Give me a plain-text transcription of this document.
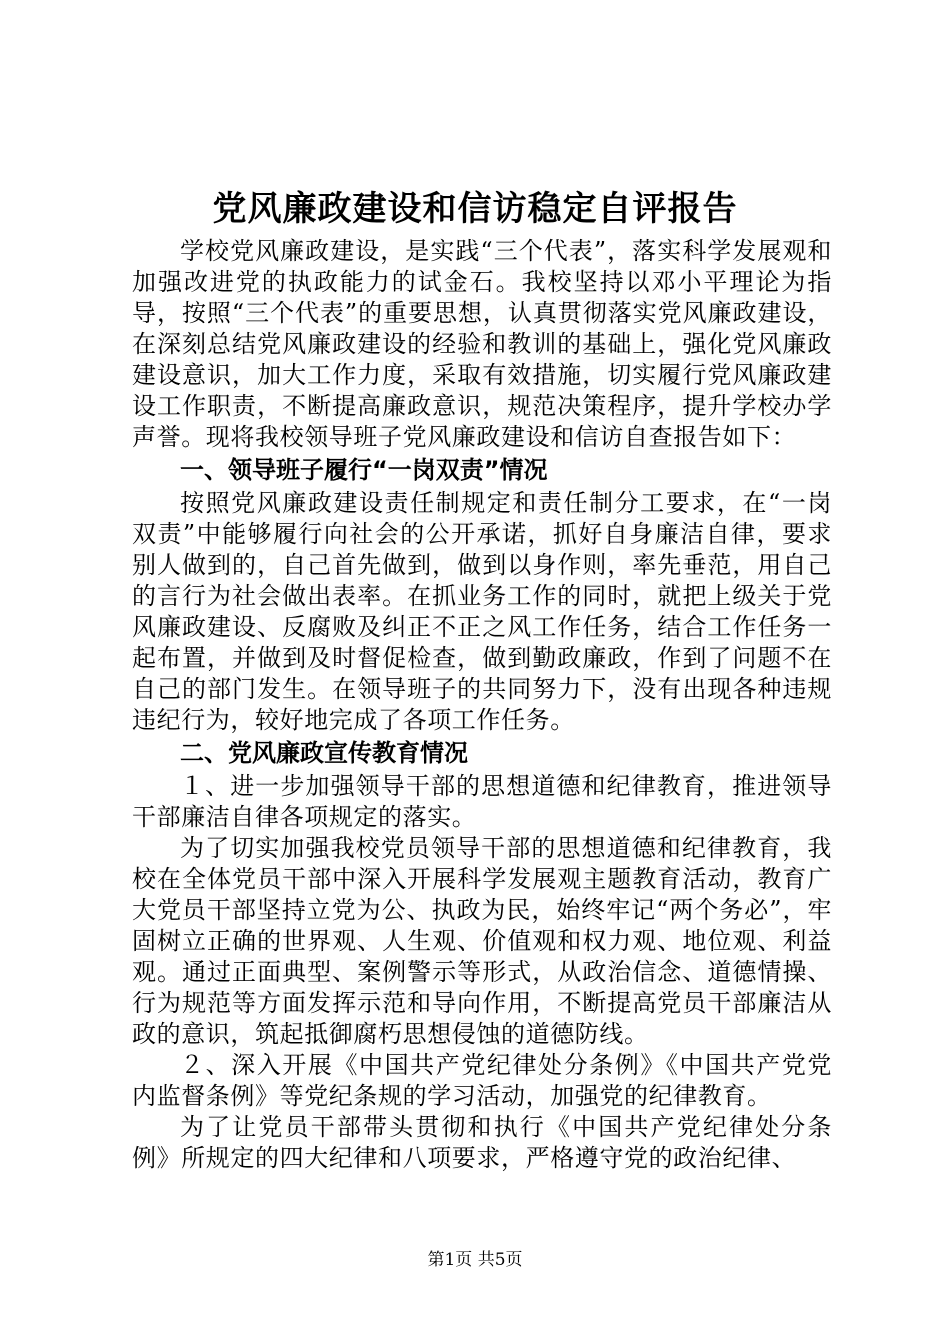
党风廉政建设和信访稳定自评报告

学校党风廉政建设，是实践“三个代表”，落实科学发展观和加强改进党的执政能力的试金石。我校坚持以邓小平理论为指导，按照“三个代表”的重要思想，认真贯彻落实党风廉政建设，在深刻总结党风廉政建设的经验和教训的基础上，强化党风廉政建设意识，加大工作力度，采取有效措施，切实履行党风廉政建设工作职责，不断提高廉政意识，规范决策程序，提升学校办学声誉。现将我校领导班子党风廉政建设和信访自查报告如下：

一、领导班子履行“一岗双责”情况

按照党风廉政建设责任制规定和责任制分工要求，在“一岗双责”中能够履行向社会的公开承诺，抓好自身廉洁自律，要求别人做到的，自己首先做到，做到以身作则，率先垂范，用自己的言行为社会做出表率。在抓业务工作的同时，就把上级关于党风廉政建设、反腐败及纠正不正之风工作任务，结合工作任务一起布置，并做到及时督促检查，做到勤政廉政，作到了问题不在自己的部门发生。在领导班子的共同努力下，没有出现各种违规违纪行为，较好地完成了各项工作任务。

二、党风廉政宣传教育情况

１、进一步加强领导干部的思想道德和纪律教育，推进领导干部廉洁自律各项规定的落实。

为了切实加强我校党员领导干部的思想道德和纪律教育，我校在全体党员干部中深入开展科学发展观主题教育活动，教育广大党员干部坚持立党为公、执政为民，始终牢记“两个务必”，牢固树立正确的世界观、人生观、价值观和权力观、地位观、利益观。通过正面典型、案例警示等形式，从政治信念、道德情操、行为规范等方面发挥示范和导向作用，不断提高党员干部廉洁从政的意识，筑起抵御腐朽思想侵蚀的道德防线。

２、深入开展《中国共产党纪律处分条例》《中国共产党党内监督条例》等党纪条规的学习活动，加强党的纪律教育。

为了让党员干部带头贯彻和执行《中国共产党纪律处分条例》所规定的四大纪律和八项要求，严格遵守党的政治纪律、

第1页 共5页
